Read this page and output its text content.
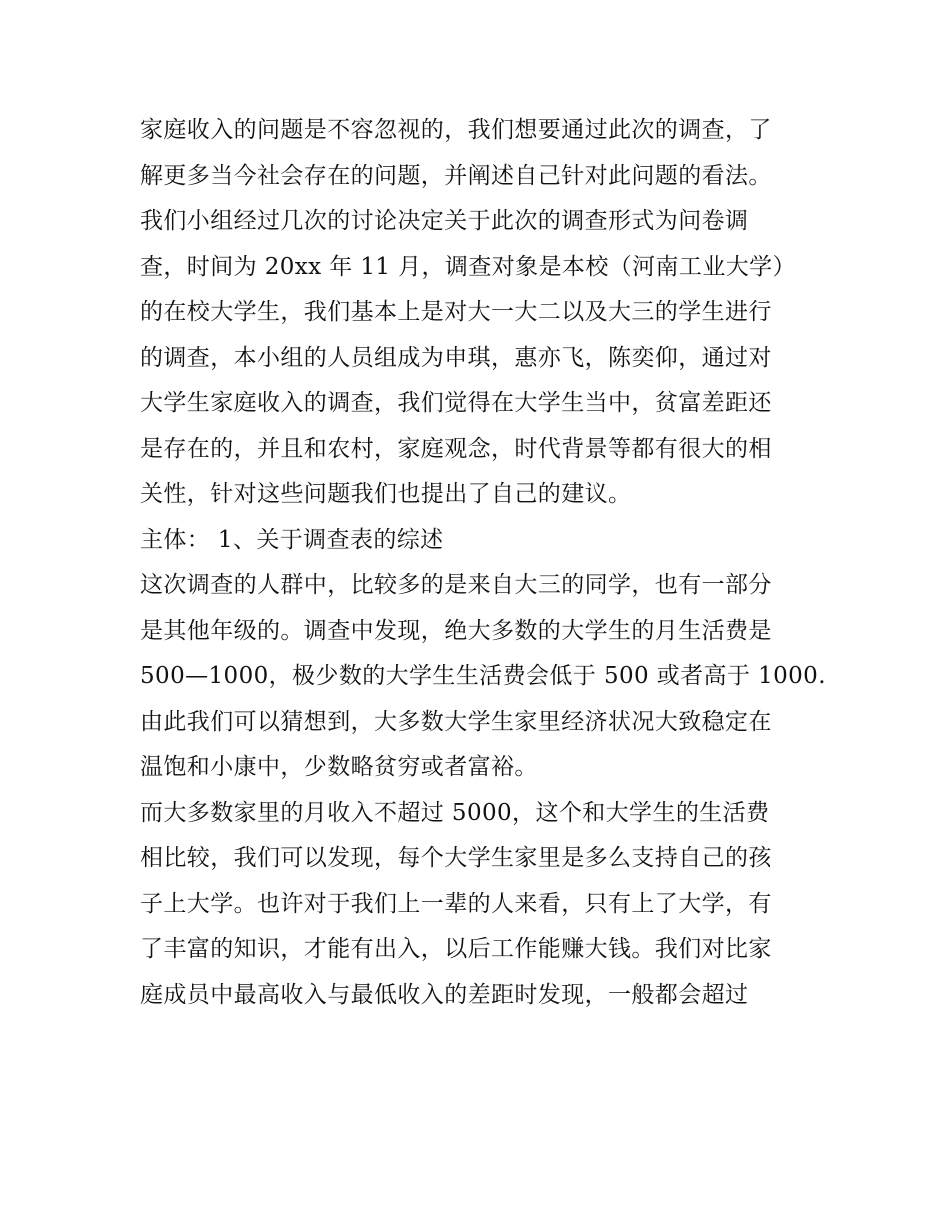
家庭收入的问题是不容忽视的，我们想要通过此次的调查，了
解更多当今社会存在的问题，并阐述自己针对此问题的看法。
我们小组经过几次的讨论决定关于此次的调查形式为问卷调
查，时间为 20xx 年 11 月，调查对象是本校（河南工业大学）
的在校大学生，我们基本上是对大一大二以及大三的学生进行
的调查，本小组的人员组成为申琪，惠亦飞，陈奕仰，通过对
大学生家庭收入的调查，我们觉得在大学生当中，贫富差距还
是存在的，并且和农村，家庭观念，时代背景等都有很大的相
关性，针对这些问题我们也提出了自己的建议。
主体： 1、关于调查表的综述
这次调查的人群中，比较多的是来自大三的同学，也有一部分
是其他年级的。调查中发现，绝大多数的大学生的月生活费是
500—1000，极少数的大学生生活费会低于 500 或者高于 1000.
由此我们可以猜想到，大多数大学生家里经济状况大致稳定在
温饱和小康中，少数略贫穷或者富裕。
而大多数家里的月收入不超过 5000，这个和大学生的生活费
相比较，我们可以发现，每个大学生家里是多么支持自己的孩
子上大学。也许对于我们上一辈的人来看，只有上了大学，有
了丰富的知识，才能有出入，以后工作能赚大钱。我们对比家
庭成员中最高收入与最低收入的差距时发现，一般都会超过
